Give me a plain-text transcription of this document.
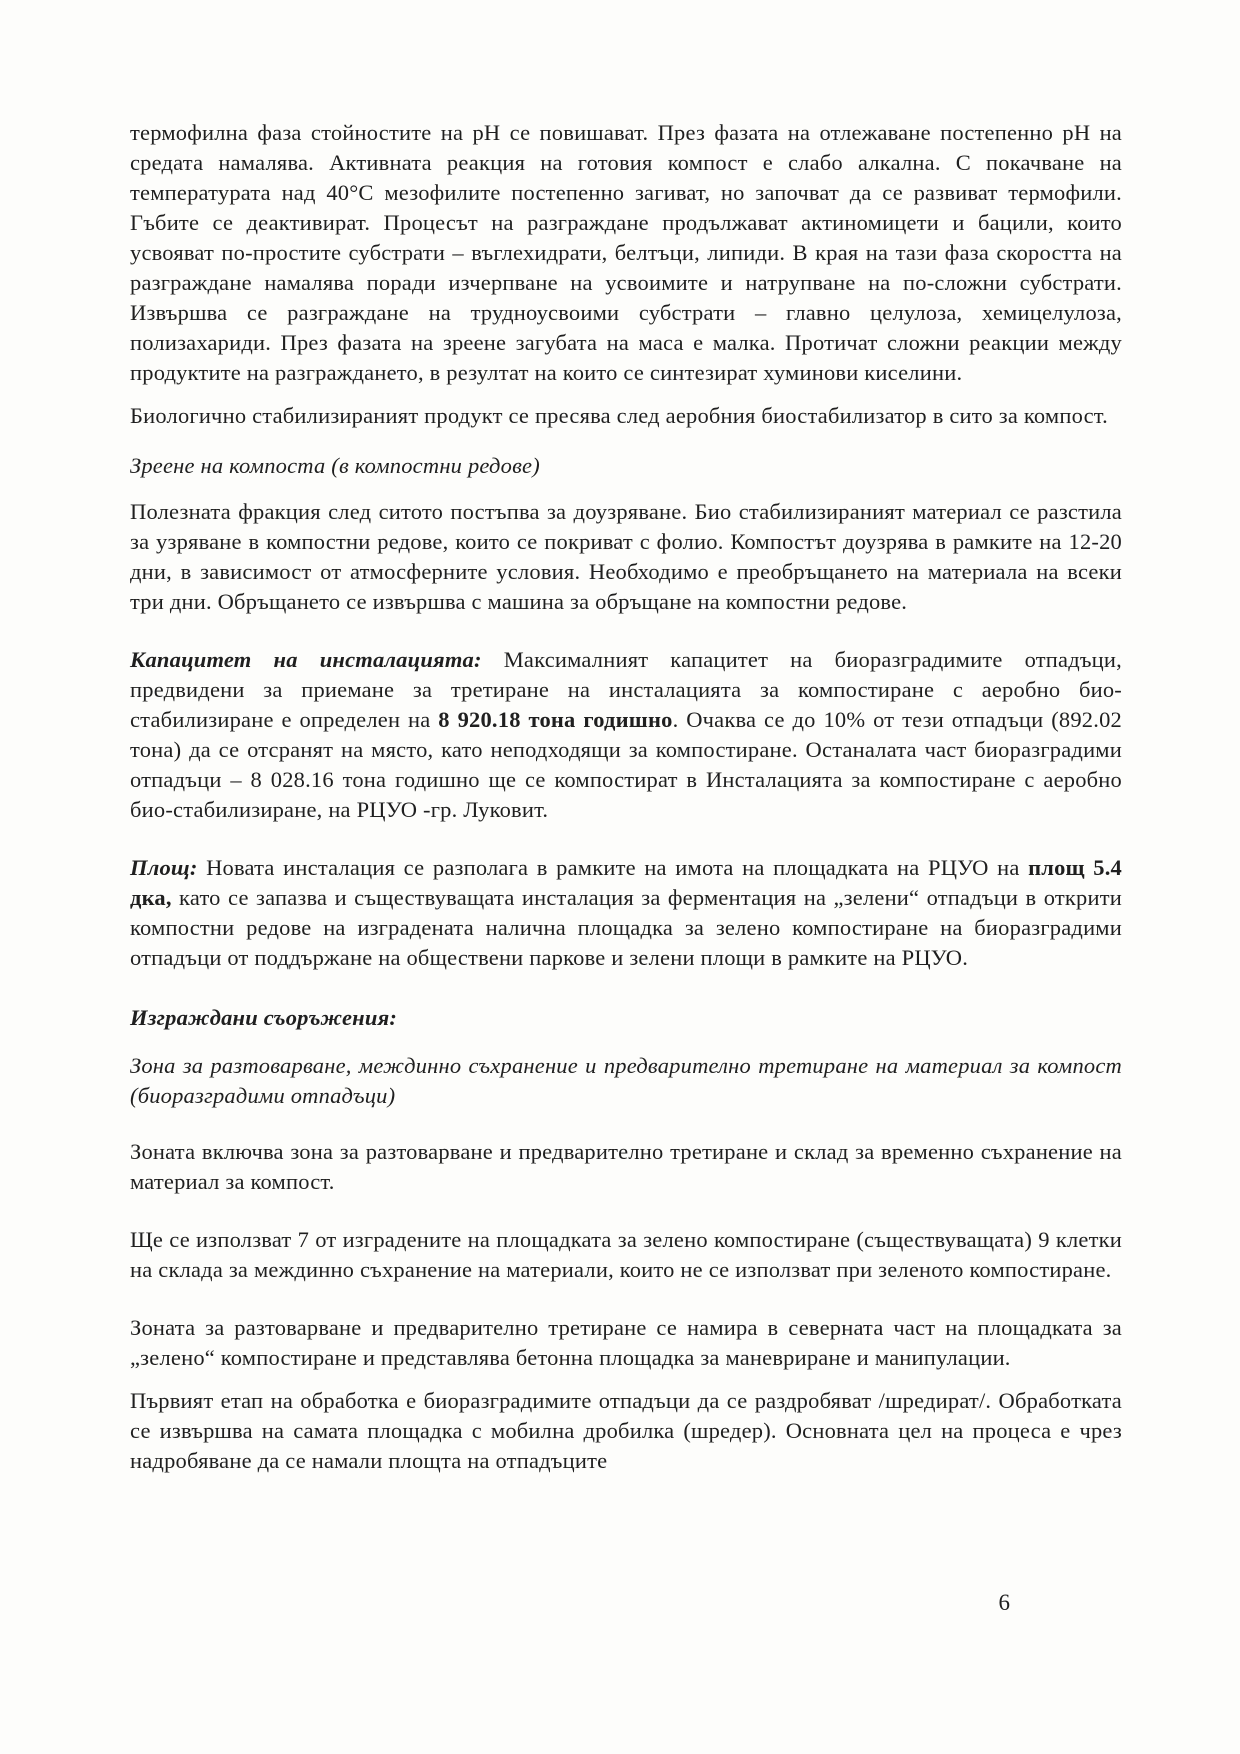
термофилна фаза стойностите на рН се повишават. През фазата на отлежаване постепенно рН на средата намалява. Активната реакция на готовия компост е слабо алкална. С покачване на температурата над 40°С мезофилите постепенно загиват, но започват да се развиват термофили. Гъбите се деактивират. Процесът на разграждане продължават актиномицети и бацили, които усвояват по-простите субстрати – въглехидрати, белтъци, липиди. В края на тази фаза скоростта на разграждане намалява поради изчерпване на усвоимите и натрупване на по-сложни субстрати. Извършва се разграждане на трудноусвоими субстрати – главно целулоза, хемицелулоза, полизахариди. През фазата на зреене загубата на маса е малка. Протичат сложни реакции между продуктите на разграждането, в резултат на които се синтезират хуминови киселини.

Биологично стабилизираният продукт се пресява след аеробния биостабилизатор в сито за компост.

Зреене на компоста (в компостни редове)

Полезната фракция след ситото постъпва за доузряване. Био стабилизираният материал се разстила за узряване в компостни редове, които се покриват с фолио. Компостът доузрява в рамките на 12-20 дни, в зависимост от атмосферните условия. Необходимо е преобръщането на материала на всеки три дни. Обръщането се извършва с машина за обръщане на компостни редове.

Капацитет на инсталацията: Максималният капацитет на биоразградимите отпадъци, предвидени за приемане за третиране на инсталацията за компостиране с аеробно био-стабилизиране е определен на 8 920.18 тона годишно. Очаква се до 10% от тези отпадъци (892.02 тона) да се отсранят на място, като неподходящи за компостиране. Останалата част биоразградими отпадъци – 8 028.16 тона годишно ще се компостират в Инсталацията за компостиране с аеробно био-стабилизиране, на РЦУО -гр. Луковит.

Площ: Новата инсталация се разполага в рамките на имота на площадката на РЦУО на площ 5.4 дка, като се запазва и съществуващата инсталация за ферментация на „зелени“ отпадъци в открити компостни редове на изградената налична площадка за зелено компостиране на биоразградими отпадъци от поддържане на обществени паркове и зелени площи в рамките на РЦУО.

Изграждани съоръжения:

Зона за разтоварване, междинно съхранение и предварително третиране на материал за компост (биоразградими отпадъци)

Зоната включва зона за разтоварване и предварително третиране и склад за временно съхранение на материал за компост.

Ще се използват 7 от изградените на площадката за зелено компостиране (съществуващата) 9 клетки на склада за междинно съхранение на материали, които не се използват при зеленото компостиране.

Зоната за разтоварване и предварително третиране се намира в северната част на площадката за „зелено“ компостиране и представлява бетонна площадка за маневриране и манипулации.

Първият етап на обработка е биоразградимите отпадъци да се раздробяват /шредират/. Обработката се извършва на самата площадка с мобилна дробилка (шредер). Основната цел на процеса е чрез надробяване да се намали площта на отпадъците

6
